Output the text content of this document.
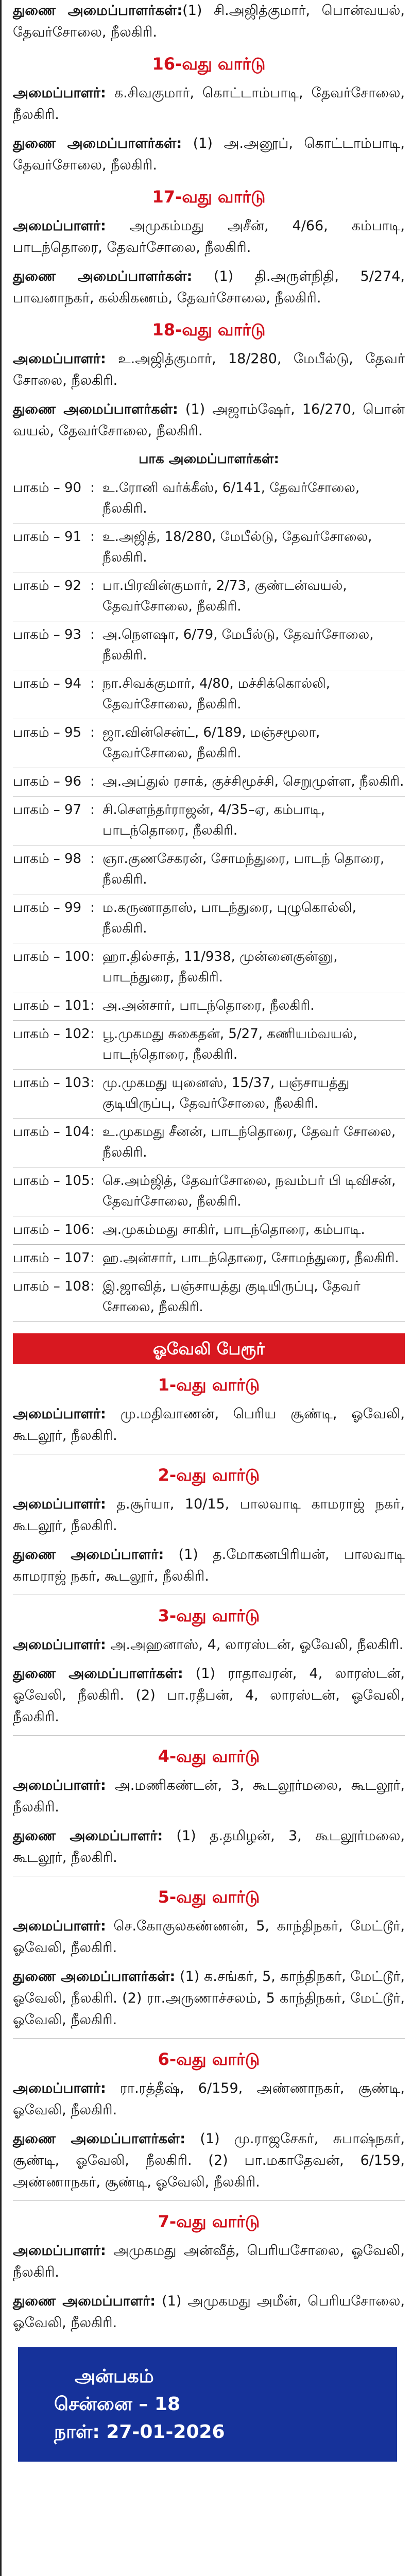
துணை அமைப்பாளர்கள்:(1) சி.அஜித்குமார், பொன்வயல், தேவர்சோலை, நீலகிரி.

16-வது வார்டு

அமைப்பாளர்: க.சிவகுமார், கொட்டாம்பாடி, தேவர்சோலை, நீலகிரி.

துணை அமைப்பாளர்கள்: (1) அ.அனூப், கொட்டாம்பாடி, தேவர்சோலை, நீலகிரி.

17-வது வார்டு

அமைப்பாளர்: அமுகம்மது அசீன், 4/66, கம்பாடி, பாடந்தொரை, தேவர்சோலை, நீலகிரி.

துணை அமைப்பாளர்கள்: (1) தி.அருள்நிதி, 5/274, பாவனாநகர், கல்கிகணம், தேவர்சோலை, நீலகிரி.

18-வது வார்டு

அமைப்பாளர்: உ.அஜித்குமார், 18/280, மேபீல்டு, தேவர் சோலை, நீலகிரி.

துணை அமைப்பாளர்கள்: (1) அஜாம்ஷேர், 16/270, பொன் வயல், தேவர்சோலை, நீலகிரி.

பாக அமைப்பாளர்கள்:
பாகம் – 90 : உ.ரோனி வர்க்கீஸ், 6/141, தேவர்சோலை, நீலகிரி.
பாகம் – 91 : உ.அஜித், 18/280, மேபீல்டு, தேவர்சோலை, நீலகிரி.
பாகம் – 92 : பா.பிரவின்குமார், 2/73, குண்டன்வயல், தேவர்சோலை, நீலகிரி.
பாகம் – 93 : அ.நெளஷா, 6/79, மேபீல்டு, தேவர்சோலை, நீலகிரி.
பாகம் – 94 : நா.சிவக்குமார், 4/80, மச்சிக்கொல்லி, தேவர்சோலை, நீலகிரி.
பாகம் – 95 : ஜா.வின்சென்ட், 6/189, மஞ்சமூலா, தேவர்சோலை, நீலகிரி.
பாகம் – 96 : அ.அப்துல் ரசாக், குச்சிமூச்சி, செறுமுள்ள, நீலகிரி.
பாகம் – 97 : சி.சௌந்தர்ராஜன், 4/35–ஏ, கம்பாடி, பாடந்தொரை, நீலகிரி.
பாகம் – 98 : ஞா.குணசேகரன், சோமந்துரை, பாடந் தொரை, நீலகிரி.
பாகம் – 99 : ம.கருணாதாஸ், பாடந்துரை, புழுகொல்லி, நீலகிரி.
பாகம் – 100 : ஹா.தில்சாத், 11/938, முன்னைகுன்னு, பாடந்துரை, நீலகிரி.
பாகம் – 101 : அ.அன்சார், பாடந்தொரை, நீலகிரி.
பாகம் – 102 : பூ.முகமது சுகைதன், 5/27, கணியம்வயல், பாடந்தொரை, நீலகிரி.
பாகம் – 103 : மு.முகமது யுனைஸ், 15/37, பஞ்சாயத்து குடியிருப்பு, தேவர்சோலை, நீலகிரி.
பாகம் – 104 : உ.முகமது சீனன், பாடந்தொரை, தேவர் சோலை, நீலகிரி.
பாகம் – 105 : செ.அம்ஜித், தேவர்சோலை, நவம்பர் பி டிவிசன், தேவர்சோலை, நீலகிரி.
பாகம் – 106 : அ.முகம்மது சாகிர், பாடந்தொரை, கம்பாடி.
பாகம் – 107 : ஹ.அன்சார், பாடந்தொரை, சோமந்துரை, நீலகிரி.
பாகம் – 108 : இ.ஜாவித், பஞ்சாயத்து குடியிருப்பு, தேவர் சோலை, நீலகிரி.
ஓவேலி பேரூர்
1-வது வார்டு

அமைப்பாளர்: மு.மதிவாணன், பெரிய சூண்டி, ஓவேலி, கூடலூர், நீலகிரி.

2-வது வார்டு

அமைப்பாளர்: த.சூர்யா, 10/15, பாலவாடி காமராஜ் நகர், கூடலூர், நீலகிரி.

துணை அமைப்பாளர்: (1) த.மோகனபிரியன், பாலவாடி காமராஜ் நகர், கூடலூர், நீலகிரி.

3-வது வார்டு

அமைப்பாளர்: அ.அஹனாஸ், 4, லாரஸ்டன், ஓவேலி, நீலகிரி.

துணை அமைப்பாளர்கள்: (1) ராதாவரன், 4, லாரஸ்டன், ஓவேலி, நீலகிரி. (2) பா.ரதீபன், 4, லாரஸ்டன், ஓவேலி, நீலகிரி.

4-வது வார்டு

அமைப்பாளர்: அ.மணிகண்டன், 3, கூடலூர்மலை, கூடலூர், நீலகிரி.

துணை அமைப்பாளர்: (1) த.தமிழன், 3, கூடலூர்மலை, கூடலூர், நீலகிரி.

5-வது வார்டு

அமைப்பாளர்: செ.கோகுலகண்ணன், 5, காந்திநகர், மேட்டூர், ஓவேலி, நீலகிரி.

துணை அமைப்பாளர்கள்: (1) க.சங்கர், 5, காந்திநகர், மேட்டூர், ஓவேலி, நீலகிரி. (2) ரா.அருணாச்சலம், 5 காந்திநகர், மேட்டூர், ஓவேலி, நீலகிரி.

6-வது வார்டு

அமைப்பாளர்: ரா.ரத்தீஷ், 6/159, அண்ணாநகர், சூண்டி, ஓவேலி, நீலகிரி.

துணை அமைப்பாளர்கள்: (1) மு.ராஜசேகர், சுபாஷ்நகர், சூண்டி, ஓவேலி, நீலகிரி. (2) பா.மகாதேவன், 6/159, அண்ணாநகர், சூண்டி, ஓவேலி, நீலகிரி.

7-வது வார்டு

அமைப்பாளர்: அமுகமது அன்வீத், பெரியசோலை, ஓவேலி, நீலகிரி.

துணை அமைப்பாளர்: (1) அமுகமது அமீன், பெரியசோலை, ஓவேலி, நீலகிரி.

அன்பகம்
சென்னை – 18
நாள்: 27-01-2026
